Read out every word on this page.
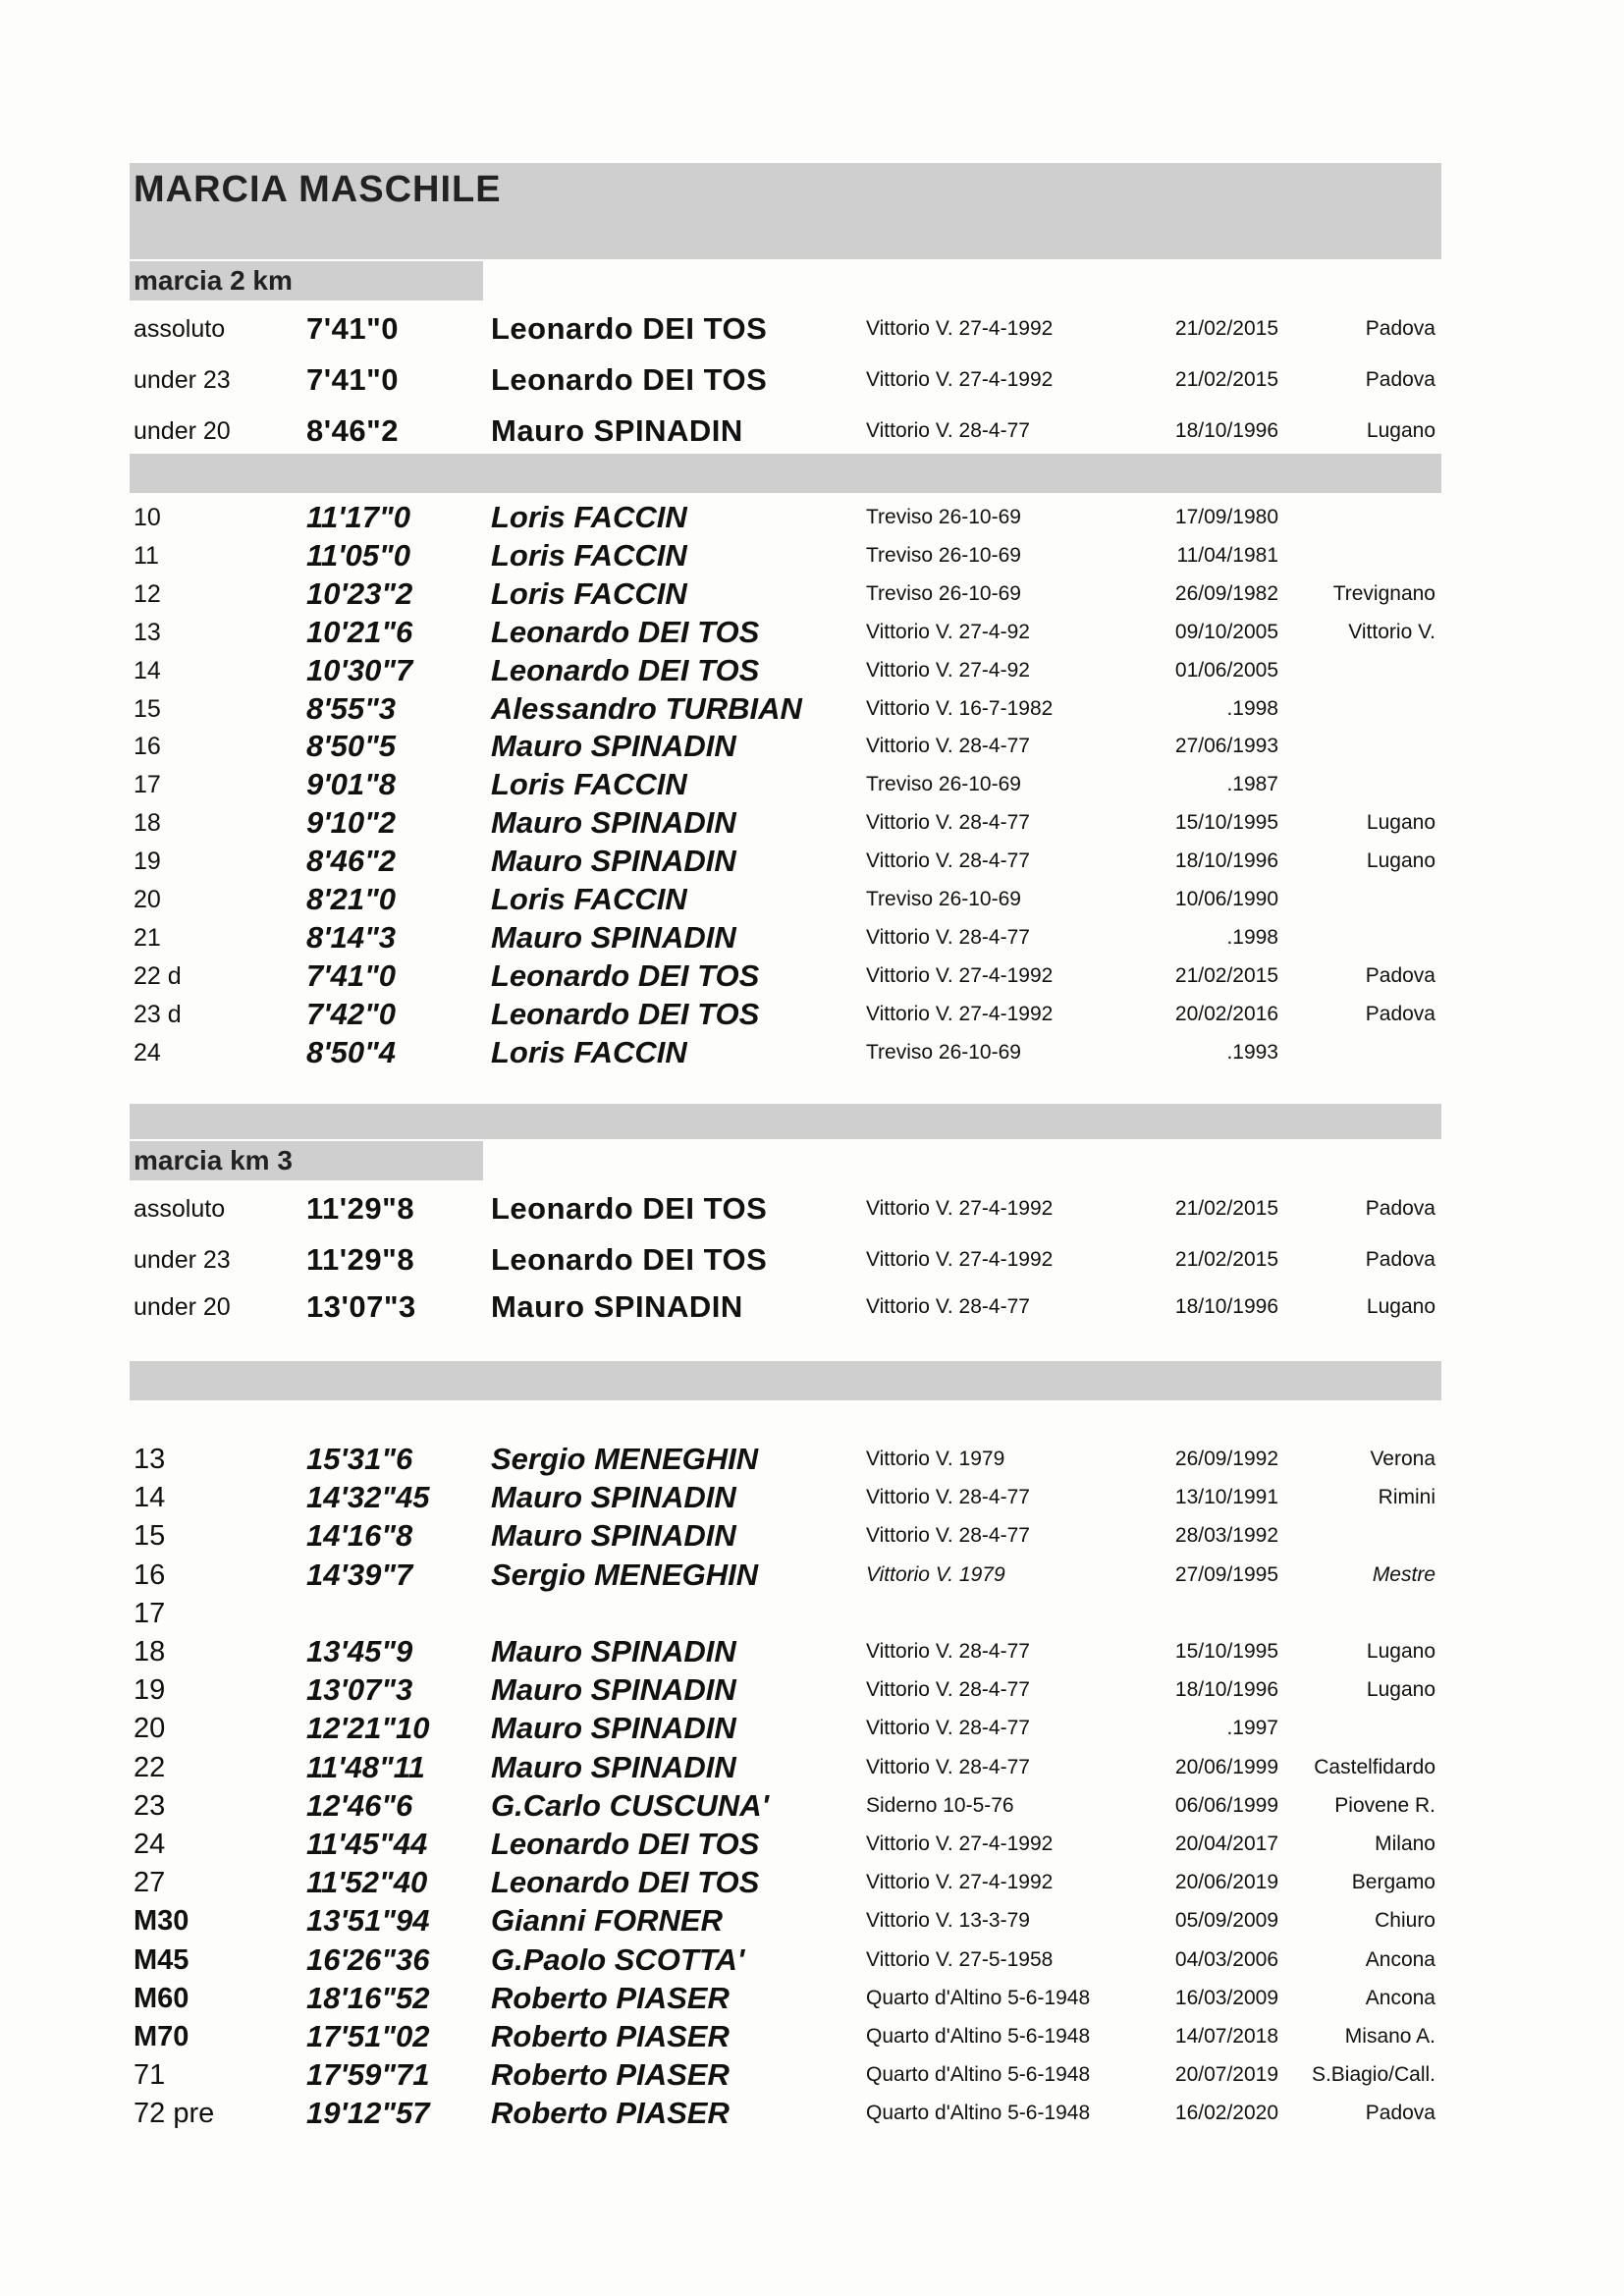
MARCIA MASCHILE
marcia 2 km
marcia km 3
assoluto	7'41"0	Leonardo DEI TOS	Vittorio V. 27-4-1992	21/02/2015	Padova
under 23 7'41"0	Leonardo DEI TOS	Vittorio V. 27-4-1992	21/02/2015	Padova
under 20 8'46"2	Mauro SPINADIN	Vittorio V. 28-4-77	18/10/1996	Lugano
10	11'17"0	Loris FACCIN	Treviso 26-10-69	17/09/1980
11	11'05"0	Loris FACCIN	Treviso 26-10-69	11/04/1981
12	10'23"2	Loris FACCIN	Treviso 26-10-69	26/09/1982	Trevignano
13	10'21"6	Leonardo DEI TOS	Vittorio V. 27-4-92	09/10/2005	Vittorio V.
14	10'30"7	Leonardo DEI TOS	Vittorio V. 27-4-92	01/06/2005
15	8'55"3	Alessandro TURBIAN	Vittorio V. 16-7-1982	.1998
16	8'50"5	Mauro SPINADIN	Vittorio V. 28-4-77	27/06/1993
17	9'01"8	Loris FACCIN	Treviso 26-10-69	.1987
18	9'10"2	Mauro SPINADIN	Vittorio V. 28-4-77	15/10/1995	Lugano
19	8'46"2	Mauro SPINADIN	Vittorio V. 28-4-77	18/10/1996	Lugano
20	8'21"0	Loris FACCIN	Treviso 26-10-69	10/06/1990
21	8'14"3	Mauro SPINADIN	Vittorio V. 28-4-77	.1998
22 d	7'41"0	Leonardo DEI TOS	Vittorio V. 27-4-1992	21/02/2015	Padova
23 d	7'42"0	Leonardo DEI TOS	Vittorio V. 27-4-1992	20/02/2016	Padova
24	8'50"4	Loris FACCIN	Treviso 26-10-69	.1993
assoluto	11'29"8	Leonardo DEI TOS	Vittorio V. 27-4-1992	21/02/2015	Padova
under 23 11'29"8	Leonardo DEI TOS	Vittorio V. 27-4-1992	21/02/2015	Padova
under 20 13'07"3 Mauro SPINADIN	Vittorio V. 28-4-77	18/10/1996	Lugano
13	15'31"6	Sergio MENEGHIN	Vittorio V. 1979	26/09/1992	Verona
14	14'32"45 Mauro SPINADIN	Vittorio V. 28-4-77	13/10/1991	Rimini
15	14'16"8	Mauro SPINADIN	Vittorio V. 28-4-77	28/03/1992
16	14'39"7	Sergio MENEGHIN	Vittorio V. 1979	27/09/1995	Mestre
17
18	13'45"9	Mauro SPINADIN	Vittorio V. 28-4-77	15/10/1995	Lugano
19	13'07"3	Mauro SPINADIN	Vittorio V. 28-4-77	18/10/1996	Lugano
20	12'21"10 Mauro SPINADIN	Vittorio V. 28-4-77	.1997
22	11'48"11 Mauro SPINADIN	Vittorio V. 28-4-77	20/06/1999	Castelfidardo
23	12'46"6	G.Carlo CUSCUNA'	Siderno 10-5-76	06/06/1999	Piovene R.
24	11'45"44 Leonardo DEI TOS	Vittorio V. 27-4-1992	20/04/2017	Milano
27	11'52"40 Leonardo DEI TOS	Vittorio V. 27-4-1992	20/06/2019	Bergamo
M30	13'51"94 Gianni FORNER	Vittorio V. 13-3-79	05/09/2009	Chiuro
M45	16'26"36 G.Paolo SCOTTA'	Vittorio V. 27-5-1958	04/03/2006	Ancona
M60	18'16"52 Roberto PIASER	Quarto d'Altino 5-6-1948	16/03/2009	Ancona
M70	17'51"02 Roberto PIASER	Quarto d'Altino 5-6-1948	14/07/2018	Misano A.
71	17'59"71 Roberto PIASER	Quarto d'Altino 5-6-1948	20/07/2019	S.Biagio/Call.
72 pre	19'12"57 Roberto PIASER	Quarto d'Altino 5-6-1948	16/02/2020	Padova
